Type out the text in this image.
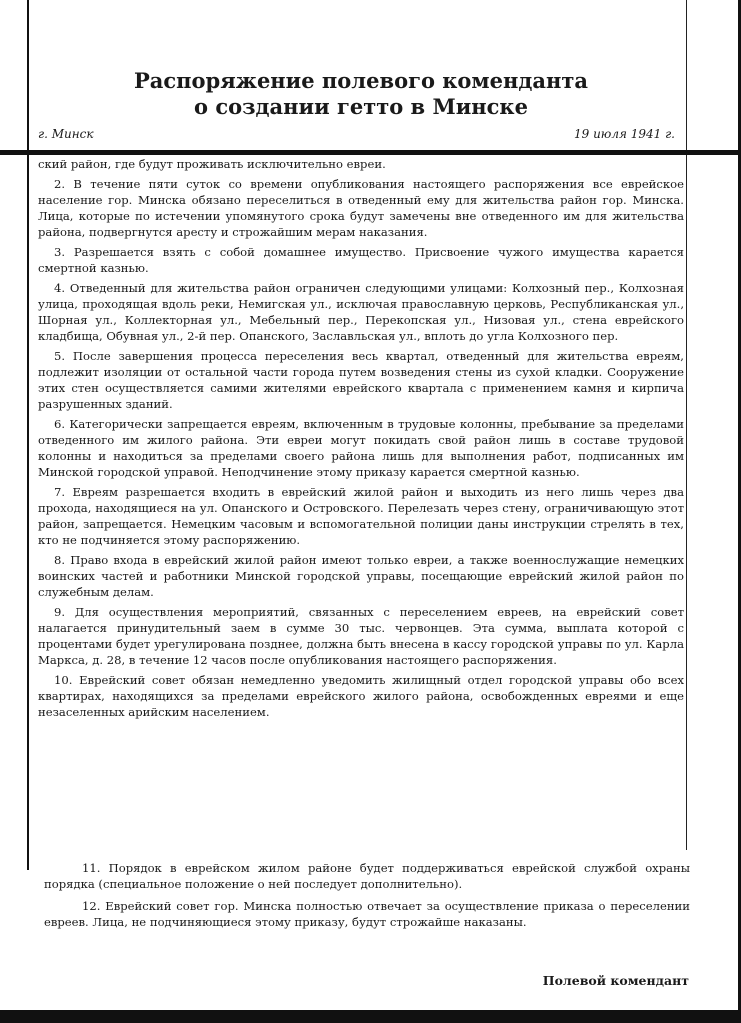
Распоряжение полевого коменданта
о создании гетто в Минске
г. Минск	19 июля 1941 г.

ский район, где будут проживать исключительно евреи.

2. В течение пяти суток со времени опубликования настоящего распоряжения все еврейское население гор. Минска обязано переселиться в отведенный ему для жительства район гор. Минска. Лица, которые по истечении упомянутого срока будут замечены вне отведенного им для жительства района, подвергнутся аресту и строжайшим мерам наказания.

3. Разрешается взять с собой домашнее имущество. Присвоение чужого имущества карается смертной казнью.

4. Отведенный для жительства район ограничен следующими улицами: Колхозный пер., Колхозная улица, проходящая вдоль реки, Немигская ул., исключая православную церковь, Республиканская ул., Шорная ул., Коллекторная ул., Мебельный пер., Перекопская ул., Низовая ул., стена еврейского кладбища, Обувная ул., 2-й пер. Опанского, Заславльская ул., вплоть до угла Колхозного пер.

5. После завершения процесса переселения весь квартал, отведенный для жительства евреям, подлежит изоляции от остальной части города путем возведения стены из сухой кладки. Сооружение этих стен осуществляется самими жителями еврейского квартала с применением камня и кирпича разрушенных зданий.

6. Категорически запрещается евреям, включенным в трудовые колонны, пребывание за пределами отведенного им жилого района. Эти евреи могут покидать свой район лишь в составе трудовой колонны и находиться за пределами своего района лишь для выполнения работ, подписанных им Минской городской управой. Неподчинение этому приказу карается смертной казнью.

7. Евреям разрешается входить в еврейский жилой район и выходить из него лишь через два прохода, находящиеся на ул. Опанского и Островского. Перелезать через стену, ограничивающую этот район, запрещается. Немецким часовым и вспомогательной полиции даны инструкции стрелять в тех, кто не подчиняется этому распоряжению.

8. Право входа в еврейский жилой район имеют только евреи, а также военнослужащие немецких воинских частей и работники Минской городской управы, посещающие еврейский жилой район по служебным делам.

9. Для осуществления мероприятий, связанных с переселением евреев, на еврейский совет налагается принудительный заем в сумме 30 тыс. червонцев. Эта сумма, выплата которой с процентами будет урегулирована позднее, должна быть внесена в кассу городской управы по ул. Карла Маркса, д. 28, в течение 12 часов после опубликования настоящего распоряжения.

10. Еврейский совет обязан немедленно уведомить жилищный отдел городской управы обо всех квартирах, находящихся за пределами еврейского жилого района, освобожденных евреями и еще незаселенных арийским населением.

11. Порядок в еврейском жилом районе будет поддерживаться еврейской службой охраны порядка (специальное положение о ней последует дополнительно).

12. Еврейский совет гор. Минска полностью отвечает за осуществление приказа о переселении евреев. Лица, не подчиняющиеся этому приказу, будут строжайше наказаны.

Полевой комендант
